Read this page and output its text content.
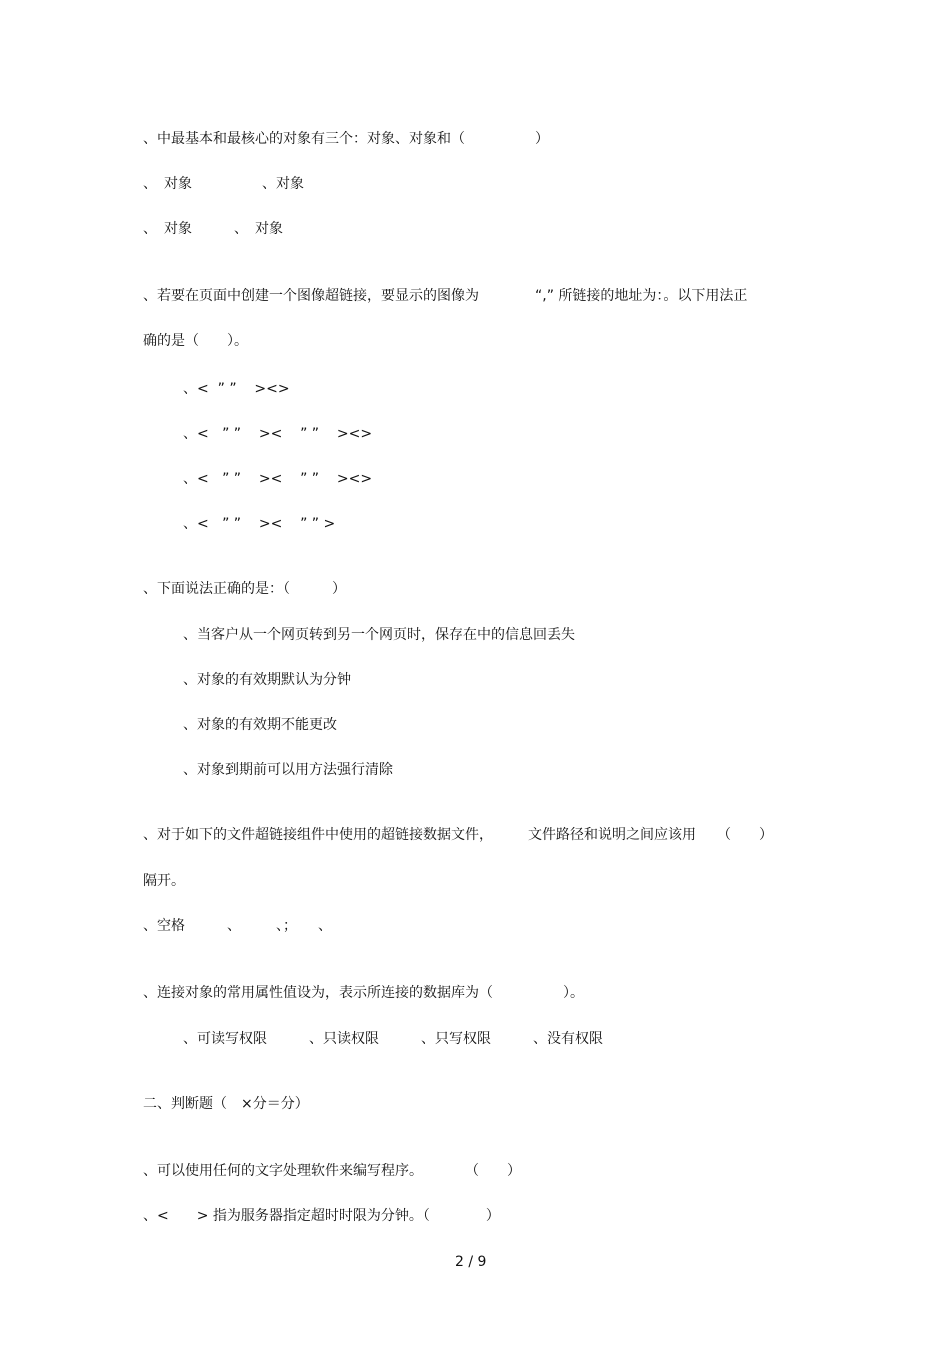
、中最基本和最核心的对象有三个：对象、对象和（　　　　　）
、　对象　　　　　、对象
、　对象　　　、　对象
、若要在页面中创建一个图像超链接，要显示的图像为　　　　“,” 所链接的地址为：。以下用法正
确的是（　　）。
、<  ” ”    ><>
、<   ” ”    ><    ” ”    ><>
、<   ” ”    ><    ” ”    ><>
、<   ” ”    ><    ” ” >
、下面说法正确的是：（　　　）
、当客户从一个网页转到另一个网页时，保存在中的信息回丢失
、对象的有效期默认为分钟
、对象的有效期不能更改
、对象到期前可以用方法强行清除
、对于如下的文件超链接组件中使用的超链接数据文件，　　　文件路径和说明之间应该用　　（　　）
隔开。
、空格　　　、　　　、；　　、
、连接对象的常用属性值设为，表示所连接的数据库为（　　　　　）。
、可读写权限　　　、只读权限　　　、只写权限　　　、没有权限
二、判断题（　×分＝分）
、可以使用任何的文字处理软件来编写程序。　　　　（　　）
、<　　> 指为服务器指定超时时限为分钟。（　　　　）
2 / 9
